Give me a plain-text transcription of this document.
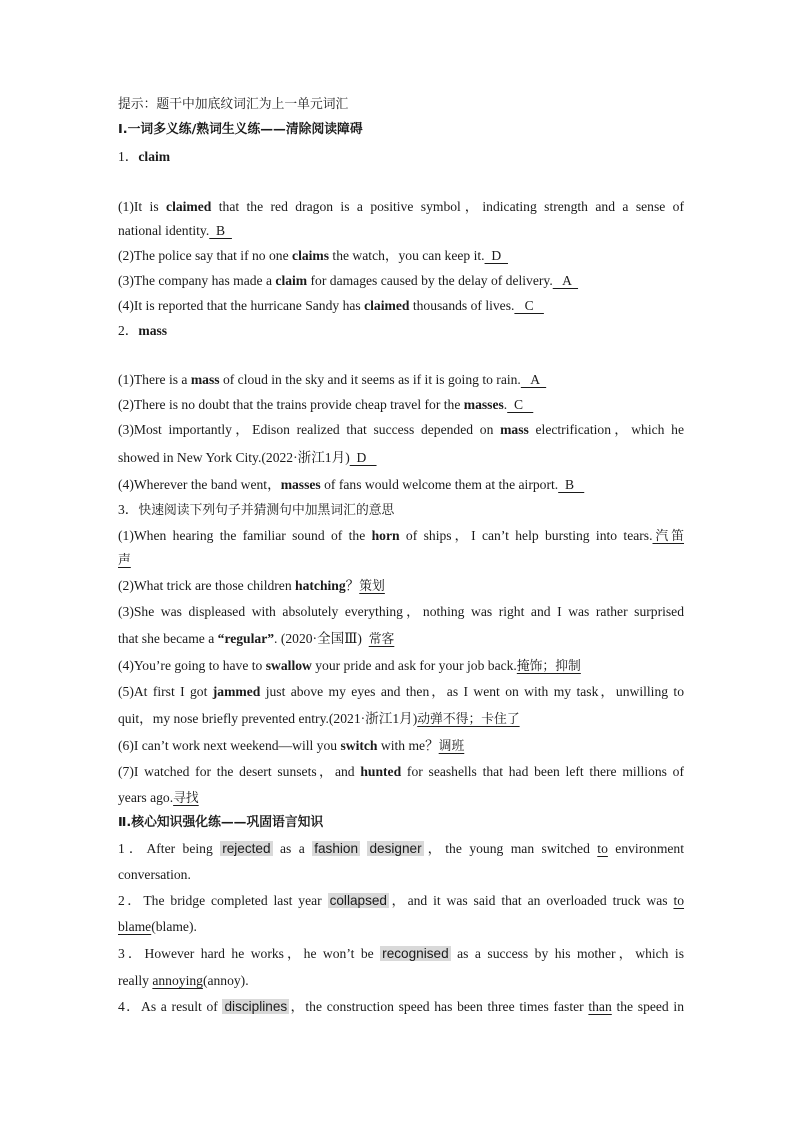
提示：题干中加底纹词汇为上一单元词汇
Ⅰ.一词多义练/熟词生义练——清除阅读障碍
1．claim
(1)It is claimed that the red dragon is a positive symbol，indicating strength and a sense of
national identity.  B
(2)The police say that if no one claims the watch，you can keep it.  D
(3)The company has made a claim for damages caused by the delay of delivery.   A
(4)It is reported that the hurricane Sandy has claimed thousands of lives.   C
2．mass
(1)There is a mass of cloud in the sky and it seems as if it is going to rain.   A
(2)There is no doubt that the trains provide cheap travel for the masses.  C
(3)Most importantly，Edison realized that success depended on mass electrification，which he
showed in New York City.(2022·浙江1月)  D
(4)Wherever the band went，masses of fans would welcome them at the airport.  B
3．快速阅读下列句子并猜测句中加黑词汇的意思
(1)When hearing the familiar sound of the horn of ships，I can’t help bursting into tears.汽笛
声
(2)What trick are those children hatching？策划
(3)She was displeased with absolutely everything，nothing was right and I was rather surprised
that she became a “regular”. (2020·全国Ⅲ) 常客
(4)You’re going to have to swallow your pride and ask for your job back.掩饰；抑制
(5)At first I got jammed just above my eyes and then，as I went on with my task，unwilling to
quit，my nose briefly prevented entry.(2021·浙江1月)动弹不得；卡住了
(6)I can’t work next weekend—will you switch with me？调班
(7)I watched for the desert sunsets，and hunted for seashells that had been left there millions of
years ago.寻找
Ⅱ.核心知识强化练——巩固语言知识
1．After being rejected as a fashion designer ，the young man switched to environment
conversation.
2．The bridge completed last year collapsed ，and it was said that an overloaded truck was to
blame(blame).
3．However hard he works，he won’t be recognised as a success by his mother，which is
really annoying(annoy).
4．As a result of disciplines ，the construction speed has been three times faster than the speed in
